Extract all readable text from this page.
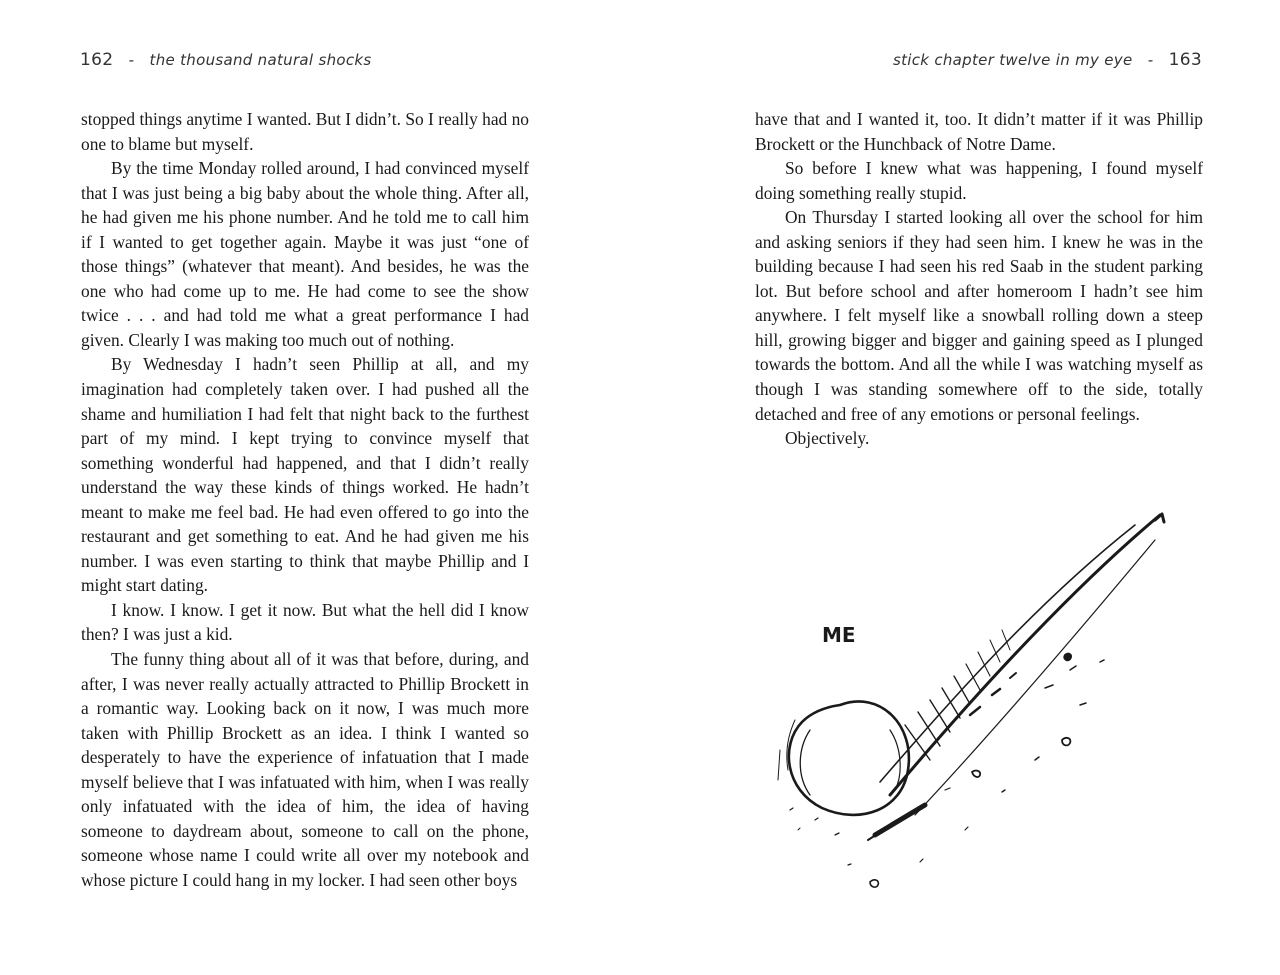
162 - the thousand natural shocks	stick chapter twelve in my eye - 163

stopped things anytime I wanted. But I didn’t. So I really had no one to blame but myself.

By the time Monday rolled around, I had convinced myself that I was just being a big baby about the whole thing. After all, he had given me his phone number. And he told me to call him if I wanted to get together again. Maybe it was just “one of those things” (whatever that meant). And besides, he was the one who had come up to me. He had come to see the show twice . . . and had told me what a great performance I had given. Clearly I was making too much out of nothing.

By Wednesday I hadn’t seen Phillip at all, and my imagination had completely taken over. I had pushed all the shame and humiliation I had felt that night back to the furthest part of my mind. I kept trying to convince myself that something wonderful had happened, and that I didn’t really understand the way these kinds of things worked. He hadn’t meant to make me feel bad. He had even offered to go into the restaurant and get something to eat. And he had given me his number. I was even starting to think that maybe Phillip and I might start dating.

I know. I know. I get it now. But what the hell did I know then? I was just a kid.

The funny thing about all of it was that before, during, and after, I was never really actually attracted to Phillip Brockett in a romantic way. Looking back on it now, I was much more taken with Phillip Brockett as an idea. I think I wanted so desperately to have the experience of infatuation that I made myself believe that I was infatuated with him, when I was really only infatuated with the idea of him, the idea of having someone to daydream about, someone to call on the phone, someone whose name I could write all over my notebook and whose picture I could hang in my locker. I had seen other boys

have that and I wanted it, too. It didn’t matter if it was Phillip Brockett or the Hunchback of Notre Dame.

So before I knew what was happening, I found myself doing something really stupid.

On Thursday I started looking all over the school for him and asking seniors if they had seen him. I knew he was in the building because I had seen his red Saab in the student parking lot. But before school and after homeroom I hadn’t see him anywhere. I felt myself like a snowball rolling down a steep hill, growing bigger and bigger and gaining speed as I plunged towards the bottom. And all the while I was watching myself as though I was standing somewhere off to the side, totally detached and free of any emotions or personal feelings.

Objectively.

ME
